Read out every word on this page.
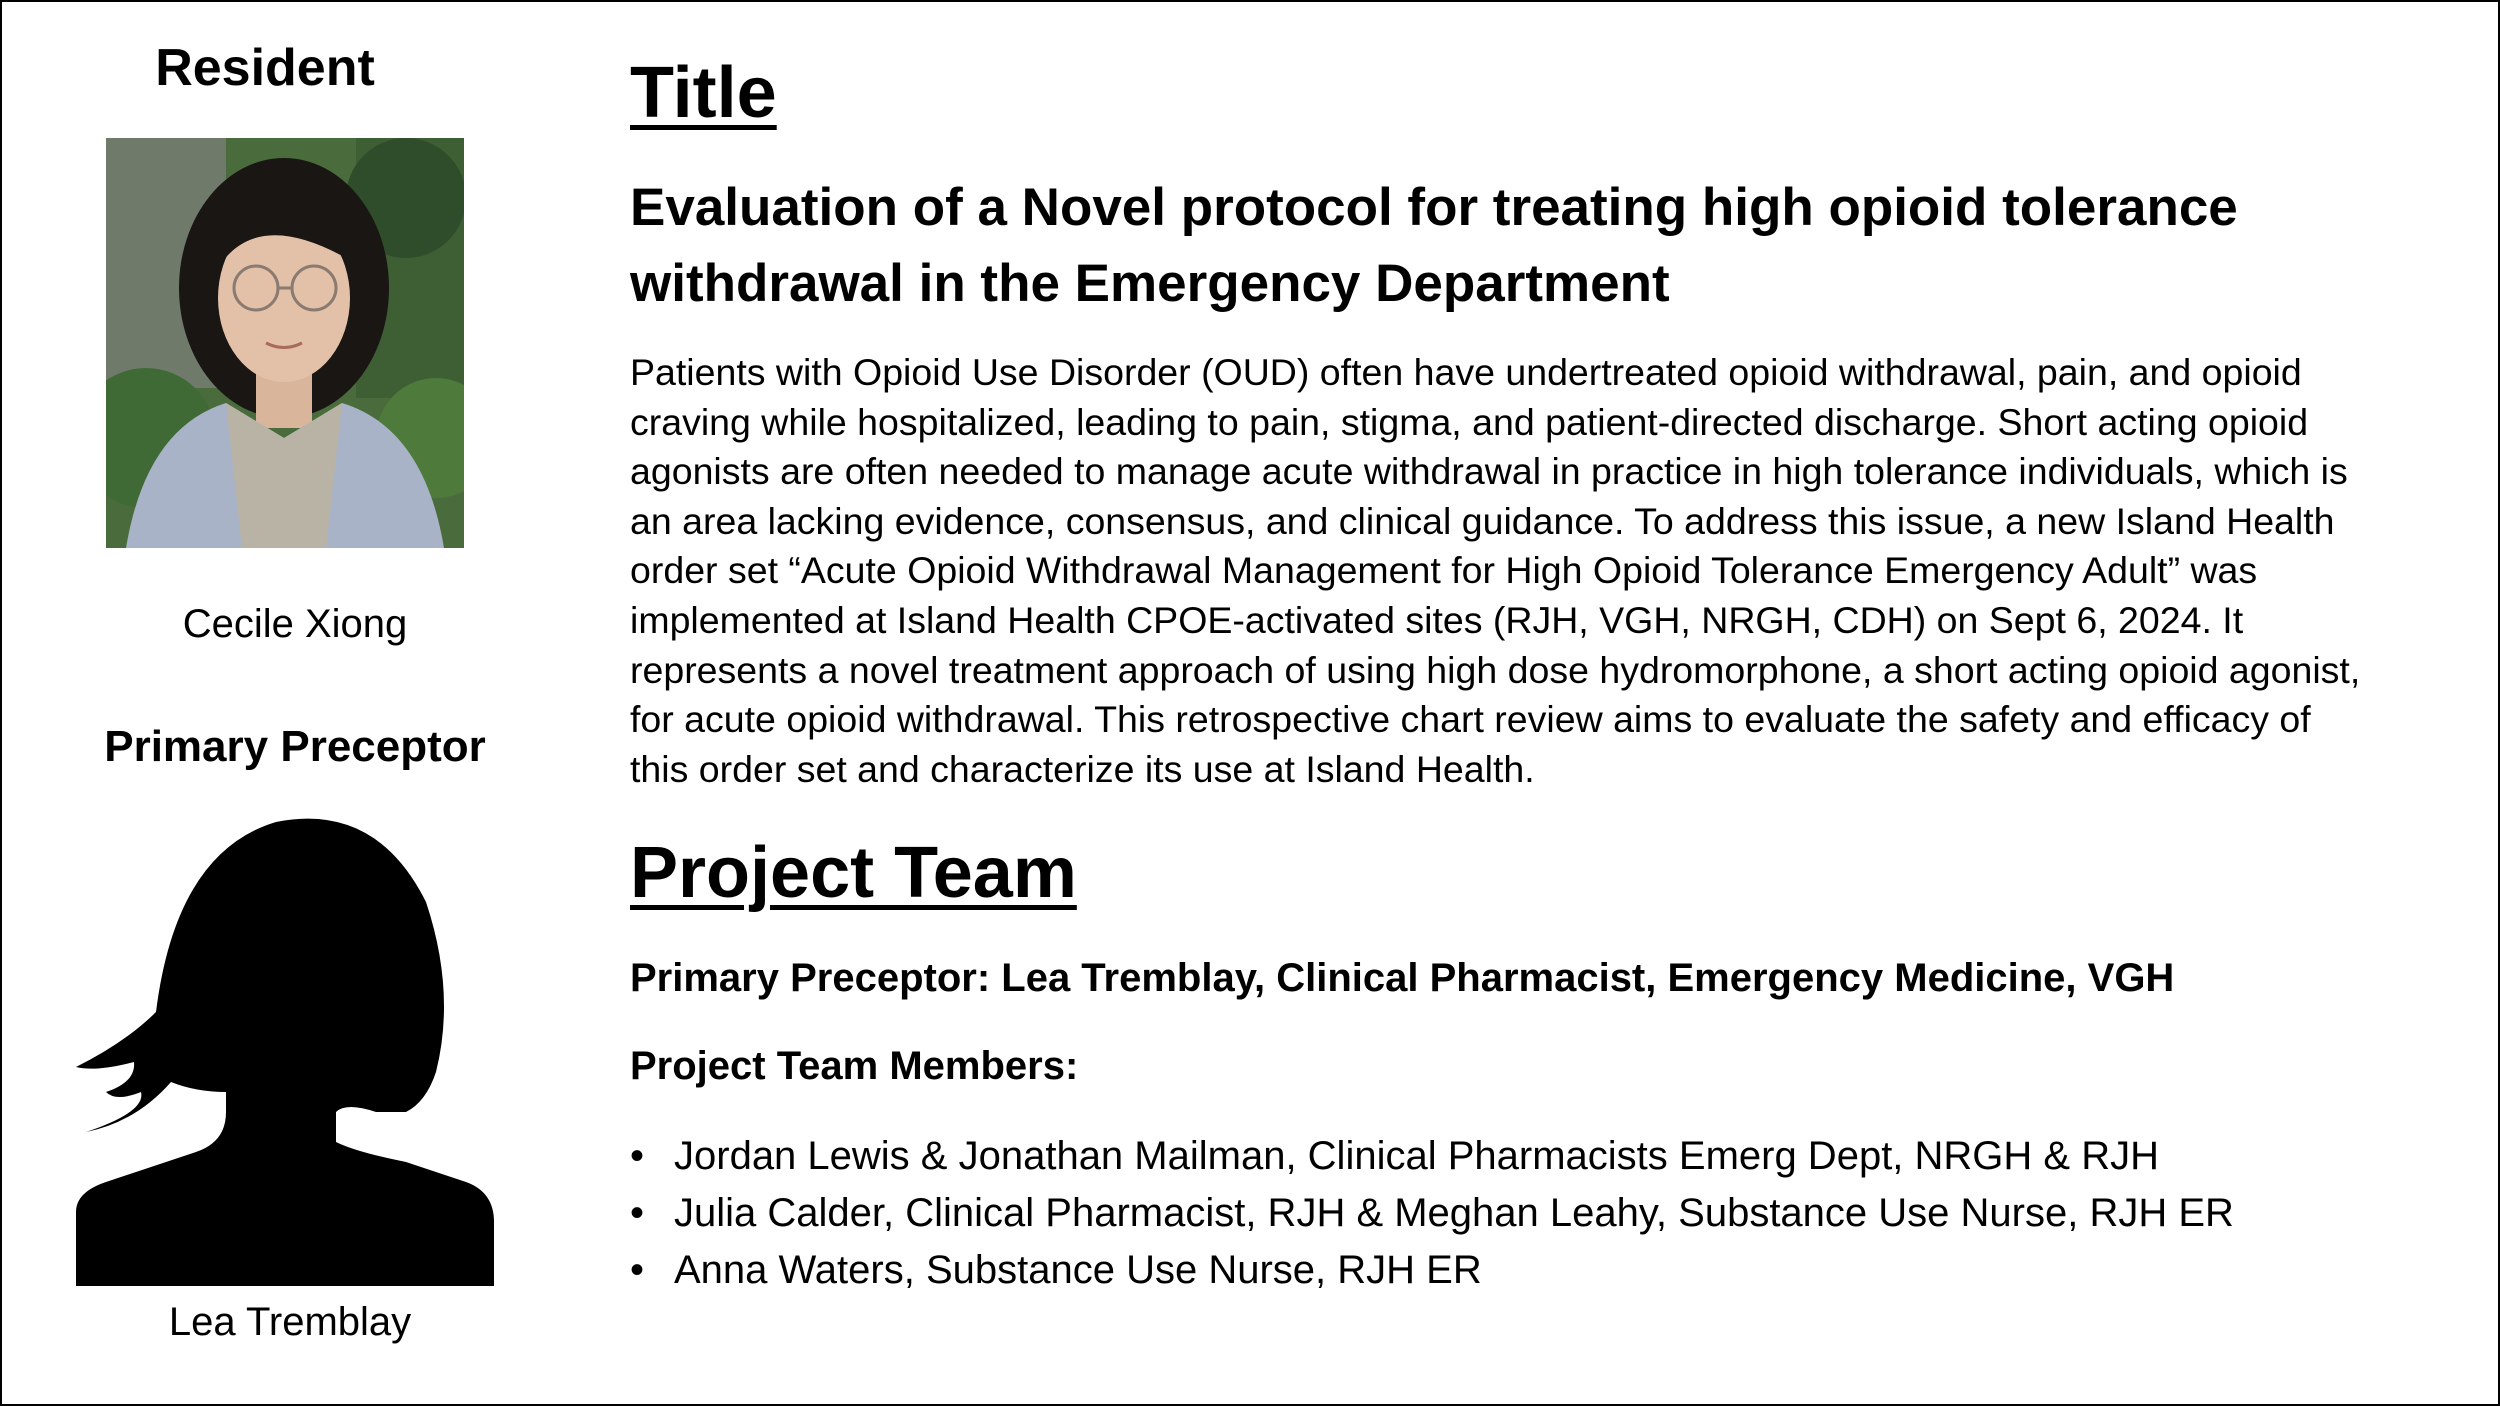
Resident
Cecile Xiong
Primary Preceptor
Lea Tremblay
Title
Evaluation of a Novel protocol for treating high opioid tolerance withdrawal in the Emergency Department

Patients with Opioid Use Disorder (OUD) often have undertreated opioid withdrawal, pain, and opioid craving while hospitalized, leading to pain, stigma, and patient-directed discharge. Short acting opioid agonists are often needed to manage acute withdrawal in practice in high tolerance individuals, which is an area lacking evidence, consensus, and clinical guidance. To address this issue, a new Island Health order set “Acute Opioid Withdrawal Management for High Opioid Tolerance Emergency Adult” was implemented at Island Health CPOE-activated sites (RJH, VGH, NRGH, CDH) on Sept 6, 2024. It represents a novel treatment approach of using high dose hydromorphone, a short acting opioid agonist, for acute opioid withdrawal. This retrospective chart review aims to evaluate the safety and efficacy of this order set and characterize its use at Island Health.

Project Team

Primary Preceptor: Lea Tremblay, Clinical Pharmacist, Emergency Medicine, VGH

Project Team Members:

• Jordan Lewis & Jonathan Mailman, Clinical Pharmacists Emerg Dept, NRGH & RJH
• Julia Calder, Clinical Pharmacist, RJH & Meghan Leahy, Substance Use Nurse, RJH ER
• Anna Waters, Substance Use Nurse, RJH ER
